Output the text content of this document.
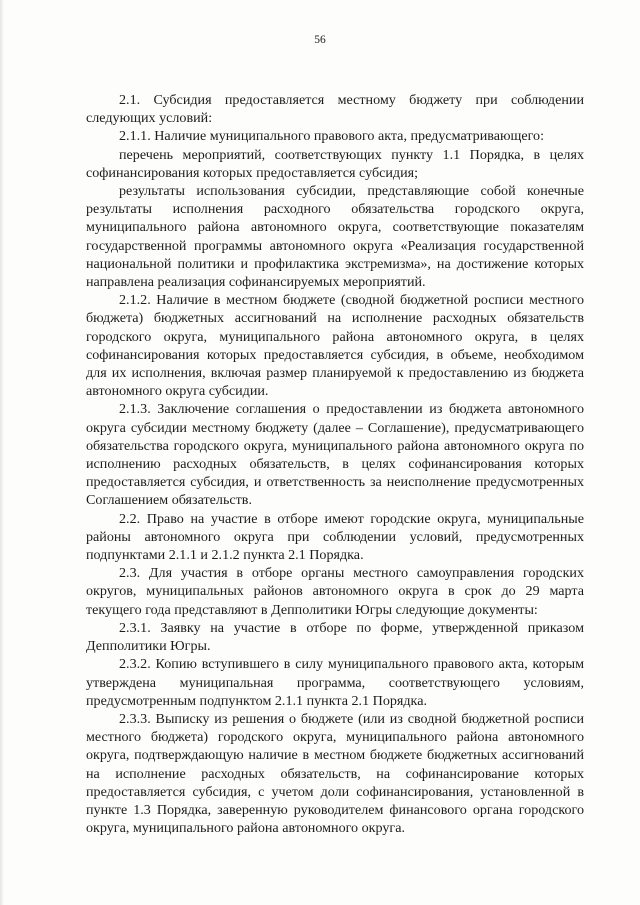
56

2.1. Субсидия предоставляется местному бюджету при соблюдении следующих условий:

2.1.1. Наличие муниципального правового акта, предусматривающего:

перечень мероприятий, соответствующих пункту 1.1 Порядка, в целях софинансирования которых предоставляется субсидия;

результаты использования субсидии, представляющие собой конечные результаты исполнения расходного обязательства городского округа, муниципального района автономного округа, соответствующие показателям государственной программы автономного округа «Реализация государственной национальной политики и профилактика экстремизма», на достижение которых направлена реализация софинансируемых мероприятий.

2.1.2. Наличие в местном бюджете (сводной бюджетной росписи местного бюджета) бюджетных ассигнований на исполнение расходных обязательств городского округа, муниципального района автономного округа, в целях софинансирования которых предоставляется субсидия, в объеме, необходимом для их исполнения, включая размер планируемой к предоставлению из бюджета автономного округа субсидии.

2.1.3. Заключение соглашения о предоставлении из бюджета автономного округа субсидии местному бюджету (далее – Соглашение), предусматривающего обязательства городского округа, муниципального района автономного округа по исполнению расходных обязательств, в целях софинансирования которых предоставляется субсидия, и ответственность за неисполнение предусмотренных Соглашением обязательств.

2.2. Право на участие в отборе имеют городские округа, муниципальные районы автономного округа при соблюдении условий, предусмотренных подпунктами 2.1.1 и 2.1.2 пункта 2.1 Порядка.

2.3. Для участия в отборе органы местного самоуправления городских округов, муниципальных районов автономного округа в срок до 29 марта текущего года представляют в Депполитики Югры следующие документы:

2.3.1. Заявку на участие в отборе по форме, утвержденной приказом Депполитики Югры.

2.3.2. Копию вступившего в силу муниципального правового акта, которым утверждена муниципальная программа, соответствующего условиям, предусмотренным подпунктом 2.1.1 пункта 2.1 Порядка.

2.3.3. Выписку из решения о бюджете (или из сводной бюджетной росписи местного бюджета) городского округа, муниципального района автономного округа, подтверждающую наличие в местном бюджете бюджетных ассигнований на исполнение расходных обязательств, на софинансирование которых предоставляется субсидия, с учетом доли софинансирования, установленной в пункте 1.3 Порядка, заверенную руководителем финансового органа городского округа, муниципального района автономного округа.
